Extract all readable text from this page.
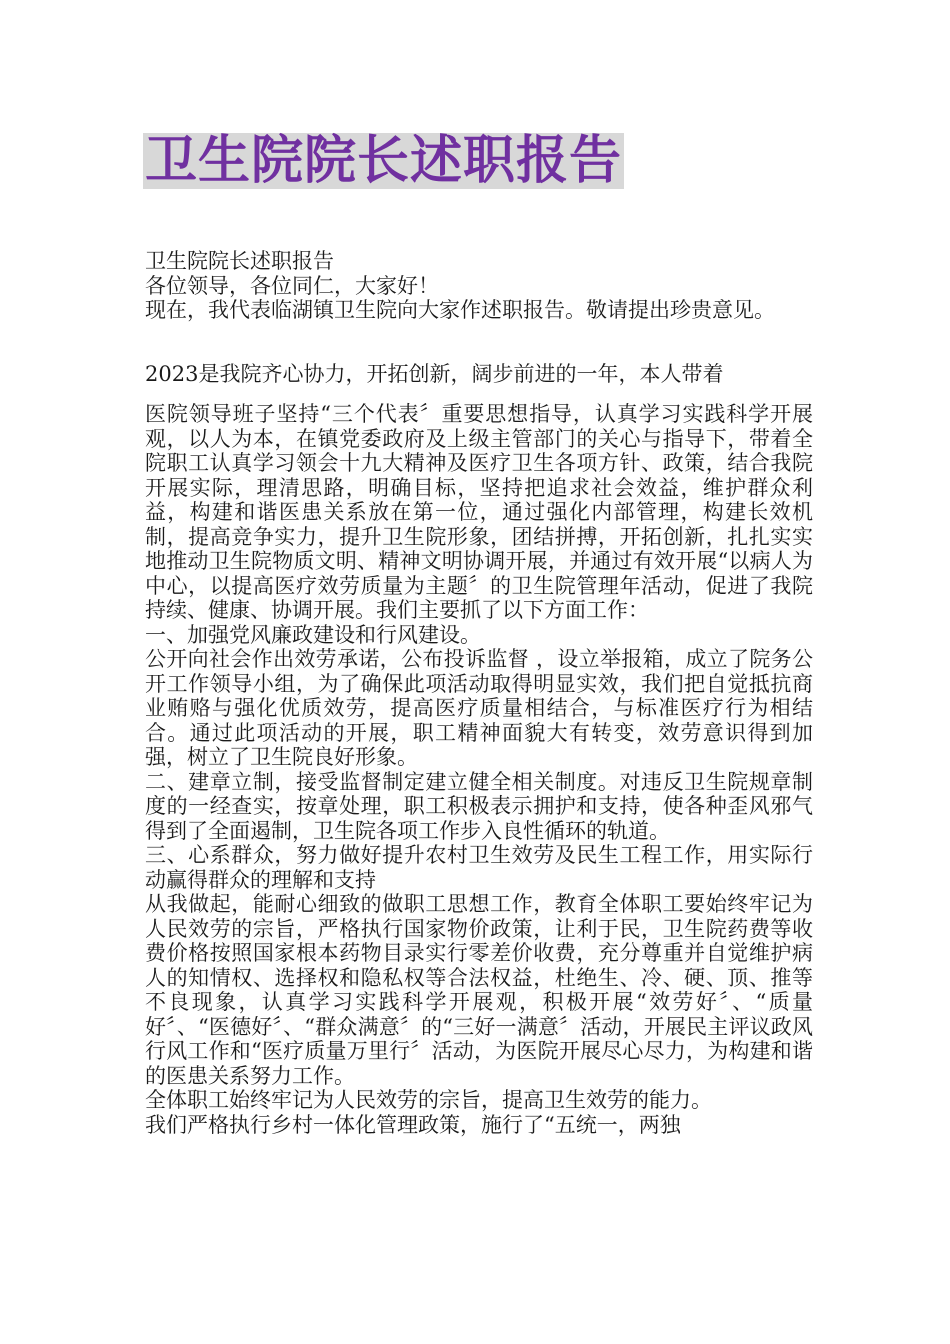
卫生院院长述职报告

卫生院院长述职报告

各位领导，各位同仁，大家好！

现在，我代表临湖镇卫生院向大家作述职报告。敬请提出珍贵意见。

2023是我院齐心协力，开拓创新，阔步前进的一年，本人带着

医院领导班子坚持“三个代表〞重要思想指导，认真学习实践科学开展观，以人为本，在镇党委政府及上级主管部门的关心与指导下，带着全院职工认真学习领会十九大精神及医疗卫生各项方针、政策，结合我院开展实际，理清思路，明确目标，坚持把追求社会效益，维护群众利益，构建和谐医患关系放在第一位，通过强化内部管理，构建长效机制，提高竞争实力，提升卫生院形象，团结拼搏，开拓创新，扎扎实实地推动卫生院物质文明、精神文明协调开展，并通过有效开展“以病人为中心，以提高医疗效劳质量为主题〞的卫生院管理年活动，促进了我院持续、健康、协调开展。我们主要抓了以下方面工作：

一、加强党风廉政建设和行风建设。

公开向社会作出效劳承诺，公布投诉监督 ，设立举报箱，成立了院务公开工作领导小组，为了确保此项活动取得明显实效，我们把自觉抵抗商业贿赂与强化优质效劳，提高医疗质量相结合，与标准医疗行为相结合。通过此项活动的开展，职工精神面貌大有转变，效劳意识得到加强，树立了卫生院良好形象。

二、建章立制，接受监督制定建立健全相关制度。对违反卫生院规章制度的一经查实，按章处理，职工积极表示拥护和支持，使各种歪风邪气得到了全面遏制，卫生院各项工作步入良性循环的轨道。

三、心系群众，努力做好提升农村卫生效劳及民生工程工作，用实际行动赢得群众的理解和支持

从我做起，能耐心细致的做职工思想工作，教育全体职工要始终牢记为人民效劳的宗旨，严格执行国家物价政策，让利于民，卫生院药费等收费价格按照国家根本药物目录实行零差价收费，充分尊重并自觉维护病人的知情权、选择权和隐私权等合法权益，杜绝生、冷、硬、顶、推等不良现象，认真学习实践科学开展观，积极开展“效劳好〞、“质量好〞、“医德好〞、“群众满意〞的“三好一满意〞活动，开展民主评议政风行风工作和“医疗质量万里行〞活动，为医院开展尽心尽力，为构建和谐的医患关系努力工作。

全体职工始终牢记为人民效劳的宗旨，提高卫生效劳的能力。

我们严格执行乡村一体化管理政策，施行了“五统一，两独
